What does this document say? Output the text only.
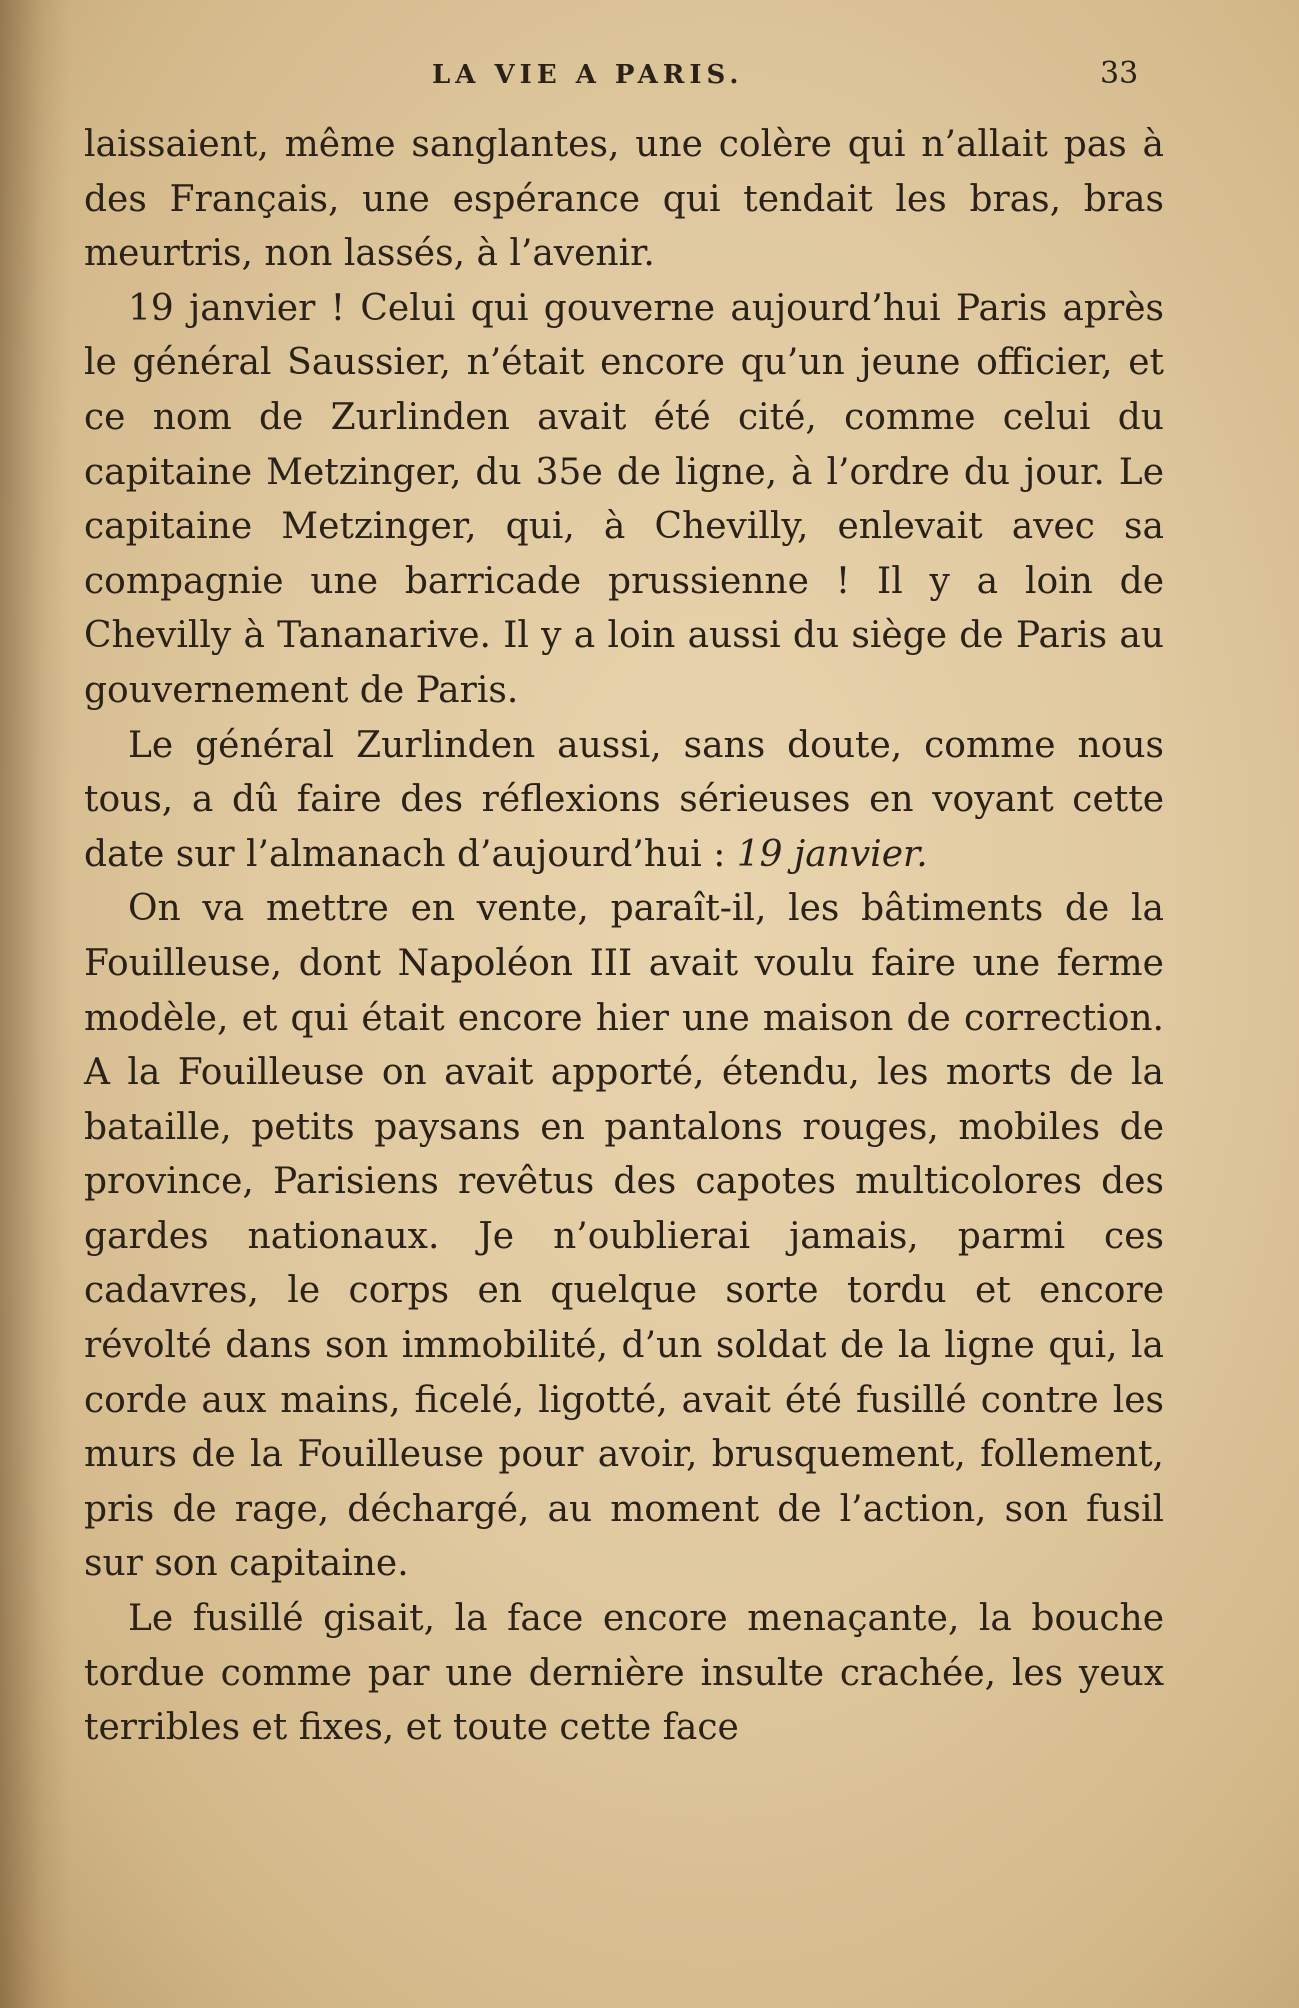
LA VIE A PARIS.	33

laissaient, même sanglantes, une colère qui n’allait pas à des Français, une espérance qui tendait les bras, bras meurtris, non lassés, à l’avenir.

19 janvier ! Celui qui gouverne aujourd’hui Paris après le général Saussier, n’était encore qu’un jeune officier, et ce nom de Zurlinden avait été cité, comme celui du capitaine Metzinger, du 35e de ligne, à l’ordre du jour. Le capitaine Metzinger, qui, à Chevilly, enlevait avec sa compagnie une barricade prussienne ! Il y a loin de Chevilly à Tananarive. Il y a loin aussi du siège de Paris au gouvernement de Paris.

Le général Zurlinden aussi, sans doute, comme nous tous, a dû faire des réflexions sérieuses en voyant cette date sur l’almanach d’aujourd’hui : 19 janvier.

On va mettre en vente, paraît-il, les bâtiments de la Fouilleuse, dont Napoléon III avait voulu faire une ferme modèle, et qui était encore hier une maison de correction. A la Fouilleuse on avait apporté, étendu, les morts de la bataille, petits paysans en pantalons rouges, mobiles de province, Parisiens revêtus des capotes multicolores des gardes nationaux. Je n’oublierai jamais, parmi ces cadavres, le corps en quelque sorte tordu et encore révolté dans son immobilité, d’un soldat de la ligne qui, la corde aux mains, ficelé, ligotté, avait été fusillé contre les murs de la Fouilleuse pour avoir, brusquement, follement, pris de rage, déchargé, au moment de l’action, son fusil sur son capitaine.

Le fusillé gisait, la face encore menaçante, la bouche tordue comme par une dernière insulte crachée, les yeux terribles et fixes, et toute cette face
